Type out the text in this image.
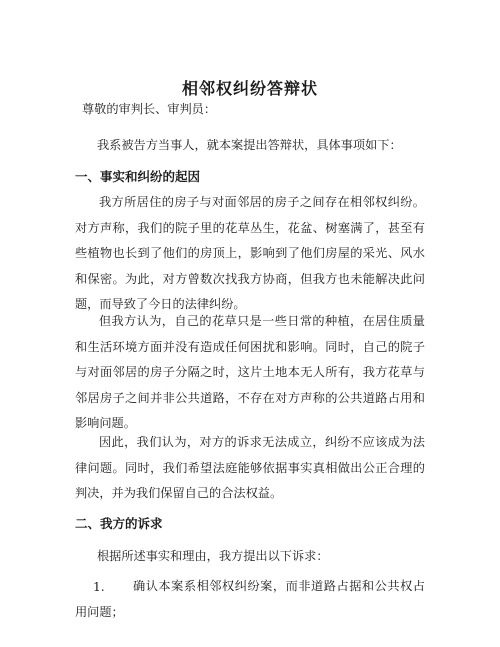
相邻权纠纷答辩状
尊敬的审判长、审判员：
我系被告方当事人，就本案提出答辩状，具体事项如下：
一、事实和纠纷的起因
我方所居住的房子与对面邻居的房子之间存在相邻权纠纷。对方声称，我们的院子里的花草丛生，花盆、树塞满了，甚至有些植物也长到了他们的房顶上，影响到了他们房屋的采光、风水和保密。为此，对方曾数次找我方协商，但我方也未能解决此问题，而导致了今日的法律纠纷。
但我方认为，自己的花草只是一些日常的种植，在居住质量和生活环境方面并没有造成任何困扰和影响。同时，自己的院子与对面邻居的房子分隔之时，这片土地本无人所有，我方花草与邻居房子之间并非公共道路，不存在对方声称的公共道路占用和影响问题。
因此，我们认为，对方的诉求无法成立，纠纷不应该成为法律问题。同时，我们希望法庭能够依据事实真相做出公正合理的判决，并为我们保留自己的合法权益。
二、我方的诉求
根据所述事实和理由，我方提出以下诉求：
1.	确认本案系相邻权纠纷案，而非道路占据和公共权占用问题；
